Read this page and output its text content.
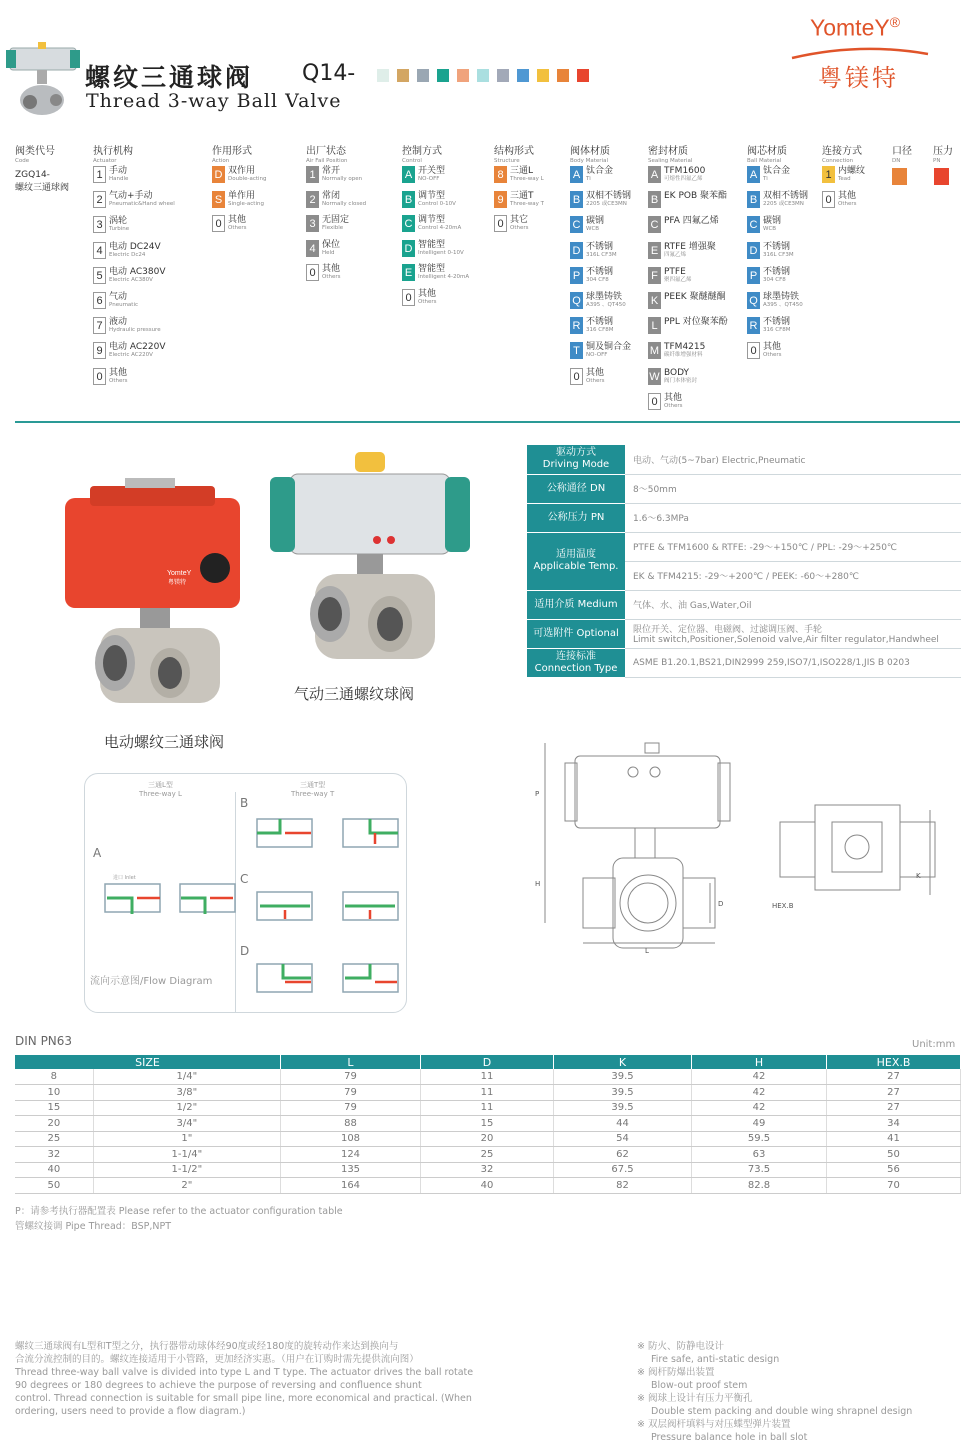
螺纹三通球阀
Thread 3-way Ball Valve
Q14-
YomteY®
粤镁特
阀类代号
Code
执行机构
Actuator
作用形式
Action
出厂状态
Air Fail Position
控制方式
Control
结构形式
Structure
阀体材质
Body Material
密封材质
Sealing Material
阀芯材质
Ball Material
连接方式
Connection
口径
DN
压力
PN
ZGQ14-
螺纹三通球阀
1 手动
Handle
2 气动+手动
Pneumatic&Hand wheel
3 涡轮
Turbine
4 电动 DC24V
Electric Dc24
5 电动 AC380V
Electric AC380V
6 气动
Pneumatic
7 液动
Hydraulic pressure
9 电动 AC220V
Electric AC220V
0 其他
Others
D 双作用
Double-acting
S 单作用
Single-acting
0 其他
Others
1 常开
Normally open
2 常闭
Normally closed
3 无固定
Flexible
4 保位
Held
0 其他
Others
A 开关型
NO-OFF
B 调节型
Control 0-10V
C 调节型
Control 4-20mA
D 智能型
Intelligent 0-10V
E 智能型
Intelligent 4-20mA
0 其他
Others
8 三通L
Three-way L
9 三通T
Three-way T
0 其它
Others
A 钛合金
Ti
B 双相不锈钢
2205 或CE3MN
C 碳钢
WCB
D 不锈钢
316L CF3M
P 不锈钢
304 CF8
Q 球墨铸铁
A395 、QT450
R 不锈钢
316 CF8M
T 铜及铜合金
NO-OFF
0 其他
Others
A TFM1600
可熔性四氟乙烯
B EK POB 聚苯酯
C PFA 四氟乙烯
E RTFE 增强聚
四氟乙烯
F PTFE
聚四氟乙烯
K PEEK 聚醚醚酮
L PPL 对位聚苯酚
M TFM4215
碳纤维增强材料
W BODY
阀门本体密封
0 其他
Others
A 钛合金
Ti
B 双相不锈钢
2205 或CE3MN
C 碳钢
WCB
D 不锈钢
316L CF3M
P 不锈钢
304 CF8
Q 球墨铸铁
A395 、QT450
R 不锈钢
316 CF8M
0 其他
Others
1 内螺纹
Tead
0 其他
Others
YomteY
粤镁特
气动三通螺纹球阀
电动螺纹三通球阀
驱动方式
Driving Mode	电动、气动(5~7bar) Electric,Pneumatic

公称通径 DN	8～50mm

公称压力 PN	1.6～6.3MPa

适用温度
Applicable Temp.	PTFE & TFM1600 & RTFE: -29～+150℃ / PPL: -29～+250℃
	EK & TFM4215: -29～+200℃ / PEEK: -60～+280℃

适用介质 Medium	气体、水、油 Gas,Water,Oil

可选附件 Optional	限位开关、定位器、电磁阀、过滤调压阀、手轮
Limit switch,Positioner,Solenoid valve,Air filter regulator,Handwheel

连接标准
Connection Type	ASME B1.20.1,BS21,DIN2999 259,ISO7/1,ISO228/1,JIS B 0203
三通L型
Three-way L
三通T型
Three-way T
A
B
C
D
进口 Inlet
流向示意图/Flow Diagram
P
H
D
L
K
HEX.B
DIN PN63	Unit:mm
SIZE		L	D	K	H	HEX.B
8	1/4"	79	11	39.5	42	27
10	3/8"	79	11	39.5	42	27
15	1/2"	79	11	39.5	42	27
20	3/4"	88	15	44	49	34
25	1"	108	20	54	59.5	41
32	1-1/4"	124	25	62	63	50
40	1-1/2"	135	32	67.5	73.5	56
50	2"	164	40	82	82.8	70
P：请参考执行器配置表 Please refer to the actuator configuration table
管螺纹接调 Pipe Thread：BSP,NPT
螺纹三通球阀有L型和T型之分，执行器带动球体经90度或经180度的旋转动作来达到换向与
合流分流控制的目的。螺纹连接适用于小管路，更加经济实惠。（用户在订购时需先提供流向图）
Thread three-way ball valve is divided into type L and T type. The actuator drives the ball rotate
90 degrees or 180 degrees to achieve the purpose of reversing and confluence shunt
control. Thread connection is suitable for small pipe line, more economical and practical. (When
ordering, users need to provide a flow diagram.)
※ 防火、防静电设计
Fire safe, anti-static design
※ 阀杆防爆出装置
Blow-out proof stem
※ 阀球上设计有压力平衡孔
Double stem packing and double wing shrapnel design
※ 双层阀杆填料与对压蝶型弹片装置
Pressure balance hole in ball slot
